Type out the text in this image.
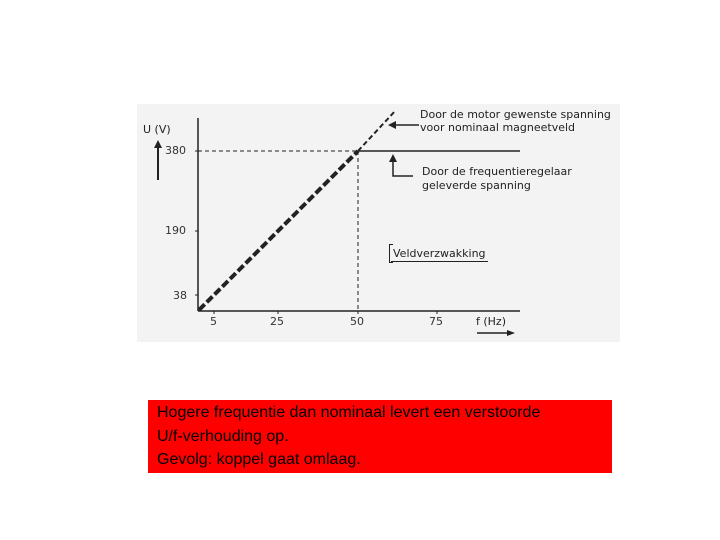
U (V)
f (Hz)
380
190
38
5	25	50	75
Door de motor gewenste spanning
voor nominaal magneetveld
Door de frequentieregelaar
geleverde spanning
Veldverzwakking
Hogere frequentie dan nominaal levert een verstoorde
U/f-verhouding op.
Gevolg: koppel gaat omlaag.
